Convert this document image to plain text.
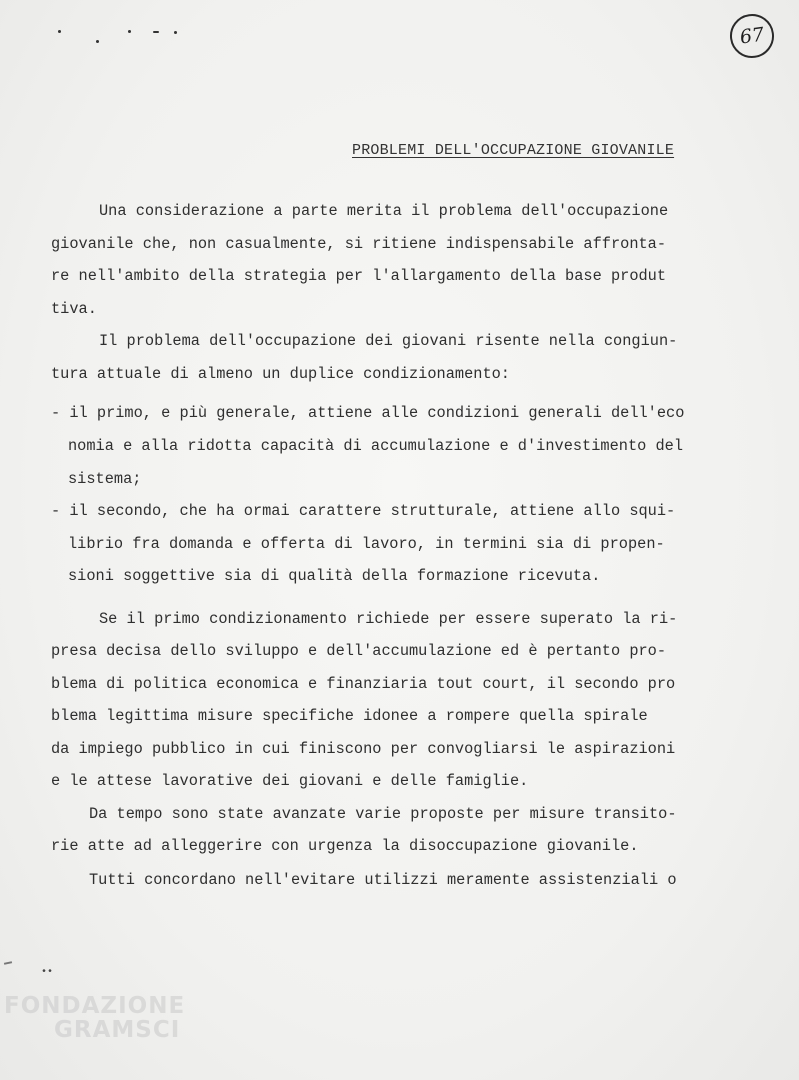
67
PROBLEMI DELL'OCCUPAZIONE GIOVANILE
Una considerazione a parte merita il problema dell'occupazione
giovanile che, non casualmente, si ritiene indispensabile affronta-
re nell'ambito della strategia per l'allargamento della base produt
tiva.
Il problema dell'occupazione dei giovani risente nella congiun-
tura attuale di almeno un duplice condizionamento:
- il primo, e più generale, attiene alle condizioni generali dell'eco
nomia e alla ridotta capacità di accumulazione e d'investimento del
sistema;
- il secondo, che ha ormai carattere strutturale, attiene allo squi-
librio fra domanda e offerta di lavoro, in termini sia di propen-
sioni soggettive sia di qualità della formazione ricevuta.
Se il primo condizionamento richiede per essere superato la ri-
presa decisa dello sviluppo e dell'accumulazione ed è pertanto pro-
blema di politica economica e finanziaria tout court, il secondo pro
blema legittima misure specifiche idonee a rompere quella spirale
da impiego pubblico in cui finiscono per convogliarsi le aspirazioni
e le attese lavorative dei giovani e delle famiglie.
Da tempo sono state avanzate varie proposte per misure transito-
rie atte ad alleggerire con urgenza la disoccupazione giovanile.
Tutti concordano nell'evitare utilizzi meramente assistenziali o
••
FONDAZIONE
GRAMSCI
